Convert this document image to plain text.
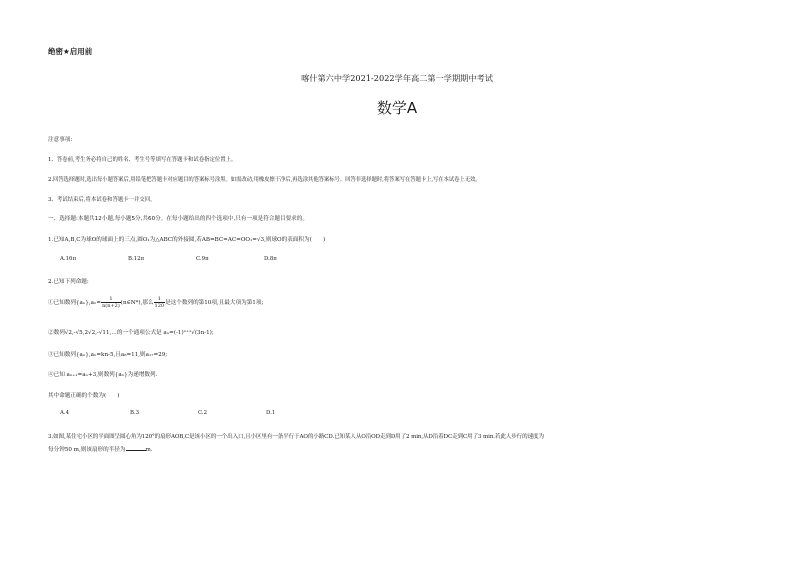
绝密★启用前
喀什第六中学2021-2022学年高二第一学期期中考试
数学A
注意事项:
1、答卷前,考生务必将自己的姓名、考生号等填写在答题卡和试卷指定位置上。
2.回答选择题时,选出每小题答案后,用铅笔把答题卡对应题目的答案标号涂黑。如需改动,用橡皮擦干净后,再选涂其他答案标号。回答非选择题时,将答案写在答题卡上,写在本试卷上无效。
3、考试结束后,将本试卷和答题卡一并交回。
一、选择题:本题共12小题,每小题5分,共60分。在每小题给出的四个选项中,只有一项是符合题目要求的。
1.已知A,B,C为球O的球面上的三点,圆O₁为△ABC的外接圆,若AB=BC=AC=OO₁=√3,则球O的表面积为(　　)
A.16π	B.12π	C.9π	D.8π
2.已知下列命题:
①已知数列$\{a_n\},a_n= \frac{1}{n(n+2)}$ (n∈N*),那么 $\frac{1}{120}$ 是这个数列的第10项,且最大项为第1项;
②数列√2,-√5,2√2,-√11,…的一个通项公式是 aₙ=(-1)ⁿ⁺¹√(3n-1);
③已知数列{aₙ},aₙ=kn-5,且a₈=11,则a₁₇=29;
④已知 aₙ₊₁=aₙ+3,则数列{aₙ}为递增数列.
其中命题正确的个数为(　　)
A.4	B.3	C.2	D.1
3.如图,某住宅小区的平面图呈圆心角为120°的扇形AOB,C是该小区的一个出入口,且小区里有一条平行于AO的小路CD.已知某人从O沿OD走到D用了2 min,从D沿着DC走到C用了3 min.若此人步行的速度为
每分钟50 m,则该扇形的半径为	m.
